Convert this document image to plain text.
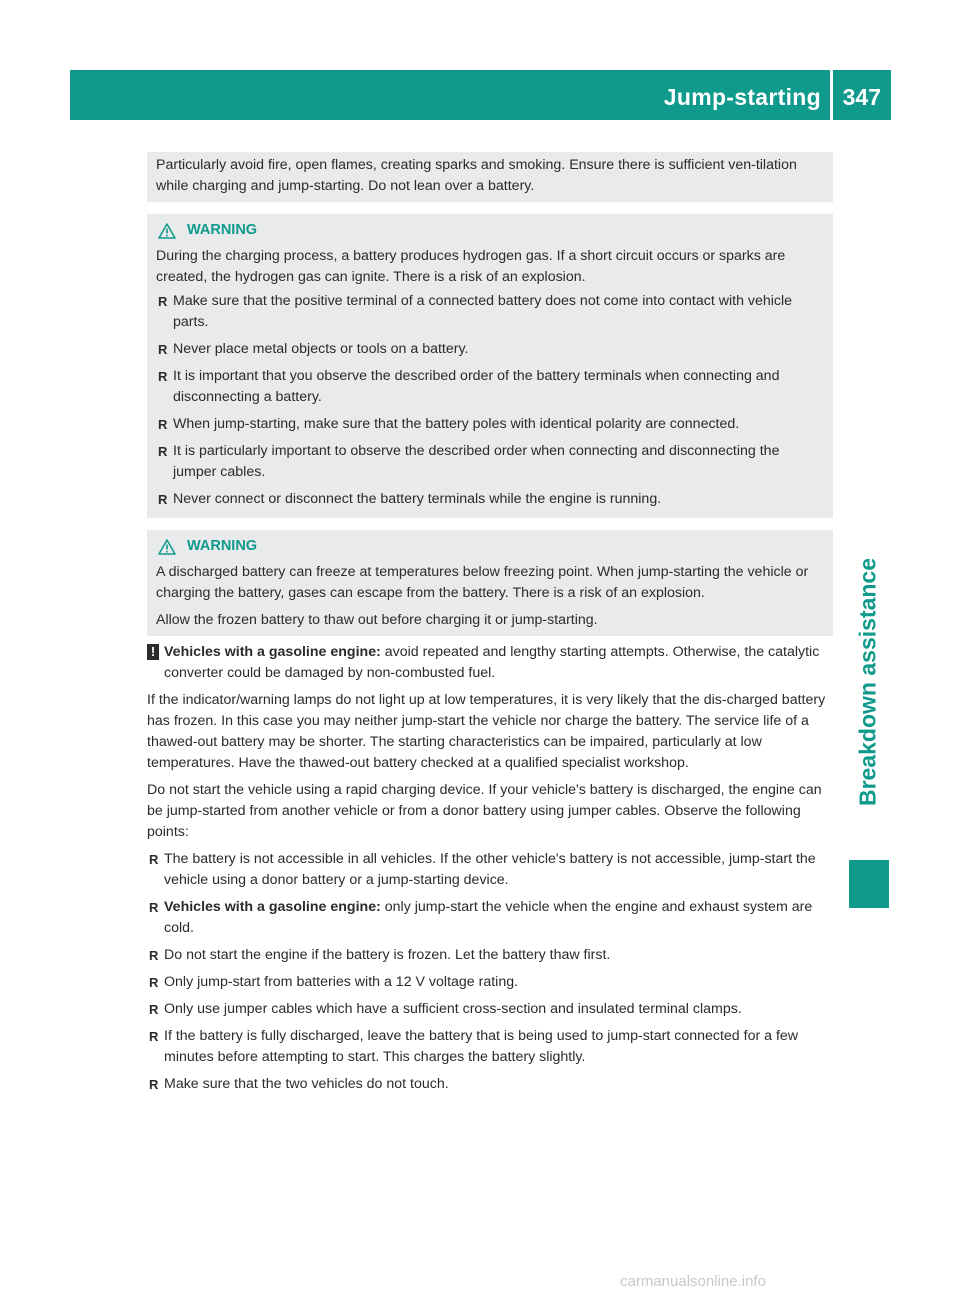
Jump-starting 347
Breakdown assistance

Particularly avoid fire, open flames, creating sparks and smoking. Ensure there is sufficient ven-tilation while charging and jump-starting. Do not lean over a battery.

WARNING

During the charging process, a battery produces hydrogen gas. If a short circuit occurs or sparks are created, the hydrogen gas can ignite. There is a risk of an explosion.

R Make sure that the positive terminal of a connected battery does not come into contact with vehicle parts.
R Never place metal objects or tools on a battery.
R It is important that you observe the described order of the battery terminals when connecting and disconnecting a battery.
R When jump-starting, make sure that the battery poles with identical polarity are connected.
R It is particularly important to observe the described order when connecting and disconnecting the jumper cables.
R Never connect or disconnect the battery terminals while the engine is running.
WARNING

A discharged battery can freeze at temperatures below freezing point. When jump-starting the vehicle or charging the battery, gases can escape from the battery. There is a risk of an explosion.

Allow the frozen battery to thaw out before charging it or jump-starting.

! Vehicles with a gasoline engine: avoid repeated and lengthy starting attempts. Otherwise, the catalytic converter could be damaged by non-combusted fuel.

If the indicator/warning lamps do not light up at low temperatures, it is very likely that the dis-charged battery has frozen. In this case you may neither jump-start the vehicle nor charge the battery. The service life of a thawed-out battery may be shorter. The starting characteristics can be impaired, particularly at low temperatures. Have the thawed-out battery checked at a qualified specialist workshop.

Do not start the vehicle using a rapid charging device. If your vehicle's battery is discharged, the engine can be jump-started from another vehicle or from a donor battery using jumper cables. Observe the following points:

R The battery is not accessible in all vehicles. If the other vehicle's battery is not accessible, jump-start the vehicle using a donor battery or a jump-starting device.
R Vehicles with a gasoline engine: only jump-start the vehicle when the engine and exhaust system are cold.
R Do not start the engine if the battery is frozen. Let the battery thaw first.
R Only jump-start from batteries with a 12 V voltage rating.
R Only use jumper cables which have a sufficient cross-section and insulated terminal clamps.
R If the battery is fully discharged, leave the battery that is being used to jump-start connected for a few minutes before attempting to start. This charges the battery slightly.
R Make sure that the two vehicles do not touch.
carmanualsonline.info
